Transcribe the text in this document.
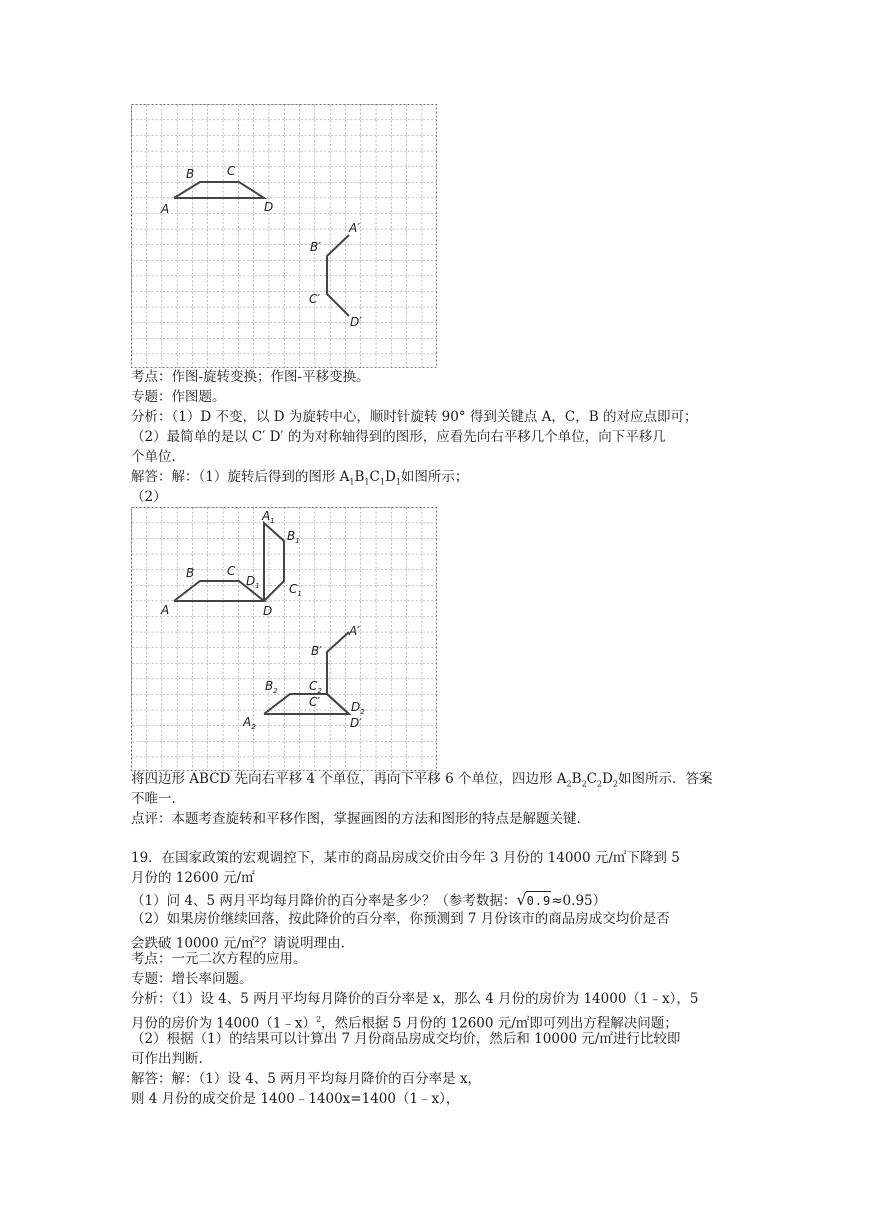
A
B	C
D
A′
B′
C′
D′
考点：作图-旋转变换；作图-平移变换。
专题：作图题。
分析：（1）D 不变，以 D 为旋转中心，顺时针旋转 90° 得到关键点 A，C，B 的对应点即可；
（2）最简单的是以 C′ D′ 的为对称轴得到的图形，应看先向右平移几个单位，向下平移几
个单位.
解答：解：（1）旋转后得到的图形 $A_1B_1C_1D_1$如图所示；
（2）
A
B	C
D
$A_1$
$B_1$
$C_1$
$D_1$
A′
B′
C′
D′
$A_2$
$B_2$	$C_2$
$D_2$
将四边形 ABCD 先向右平移 4 个单位，再向下平移 6 个单位，四边形 $A_2B_2C_2D_2$如图所示．答案
不唯一.
点评：本题考查旋转和平移作图，掌握画图的方法和图形的特点是解题关键.
19．在国家政策的宏观调控下，某市的商品房成交价由今年 3 月份的 14000 元/㎡下降到 5
月份的 12600 元/㎡
（1）问 4、5 两月平均每月降价的百分率是多少？（参考数据：√0.9≈0.95）
（2）如果房价继续回落，按此降价的百分率，你预测到 7 月份该市的商品房成交均价是否
会跌破 10000 元/㎡$^2$？请说明理由.
考点：一元二次方程的应用。
专题：增长率问题。
分析：（1）设 4、5 两月平均每月降价的百分率是 x，那么 4 月份的房价为 14000（1﹣x），5
月份的房价为 14000（1﹣x）$^2$，然后根据 5 月份的 12600 元/㎡即可列出方程解决问题；
（2）根据（1）的结果可以计算出 7 月份商品房成交均价，然后和 10000 元/㎡进行比较即
可作出判断.
解答：解：（1）设 4、5 两月平均每月降价的百分率是 x，
则 4 月份的成交价是 1400﹣1400x=1400（1﹣x），
